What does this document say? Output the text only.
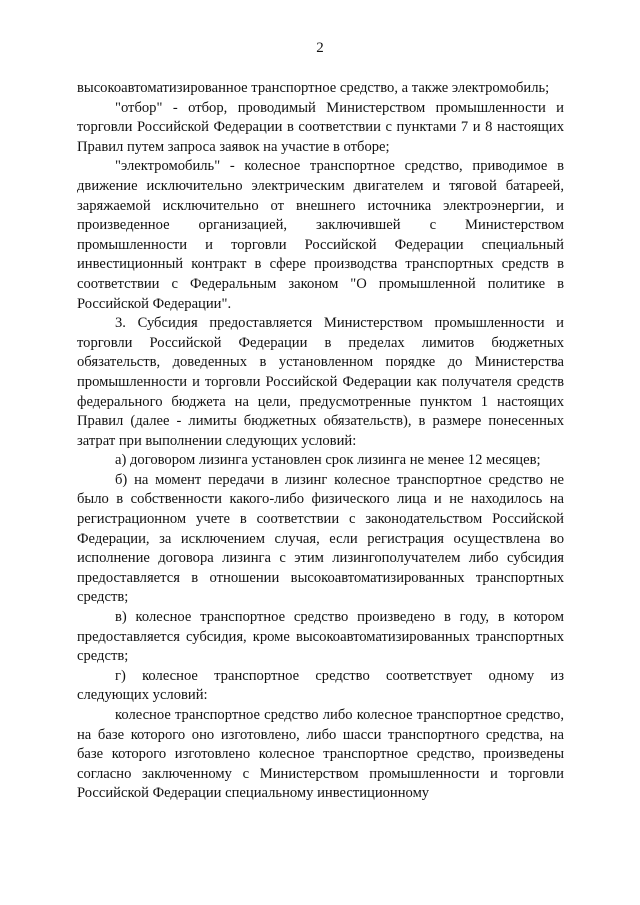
2

высокоавтоматизированное транспортное средство, а также электромобиль;

"отбор" - отбор, проводимый Министерством промышленности и торговли Российской Федерации в соответствии с пунктами 7 и 8 настоящих Правил путем запроса заявок на участие в отборе;

"электромобиль" - колесное транспортное средство, приводимое в движение исключительно электрическим двигателем и тяговой батареей, заряжаемой исключительно от внешнего источника электроэнергии, и произведенное организацией, заключившей с Министерством промышленности и торговли Российской Федерации специальный инвестиционный контракт в сфере производства транспортных средств в соответствии с Федеральным законом "О промышленной политике в Российской Федерации".

3. Субсидия предоставляется Министерством промышленности и торговли Российской Федерации в пределах лимитов бюджетных обязательств, доведенных в установленном порядке до Министерства промышленности и торговли Российской Федерации как получателя средств федерального бюджета на цели, предусмотренные пунктом 1 настоящих Правил (далее - лимиты бюджетных обязательств), в размере понесенных затрат при выполнении следующих условий:

а) договором лизинга установлен срок лизинга не менее 12 месяцев;

б) на момент передачи в лизинг колесное транспортное средство не было в собственности какого-либо физического лица и не находилось на регистрационном учете в соответствии с законодательством Российской Федерации, за исключением случая, если регистрация осуществлена во исполнение договора лизинга с этим лизингополучателем либо субсидия предоставляется в отношении высокоавтоматизированных транспортных средств;

в) колесное транспортное средство произведено в году, в котором предоставляется субсидия, кроме высокоавтоматизированных транспортных средств;

г) колесное транспортное средство соответствует одному из следующих условий:

колесное транспортное средство либо колесное транспортное средство, на базе которого оно изготовлено, либо шасси транспортного средства, на базе которого изготовлено колесное транспортное средство, произведены согласно заключенному с Министерством промышленности и торговли Российской Федерации специальному инвестиционному
